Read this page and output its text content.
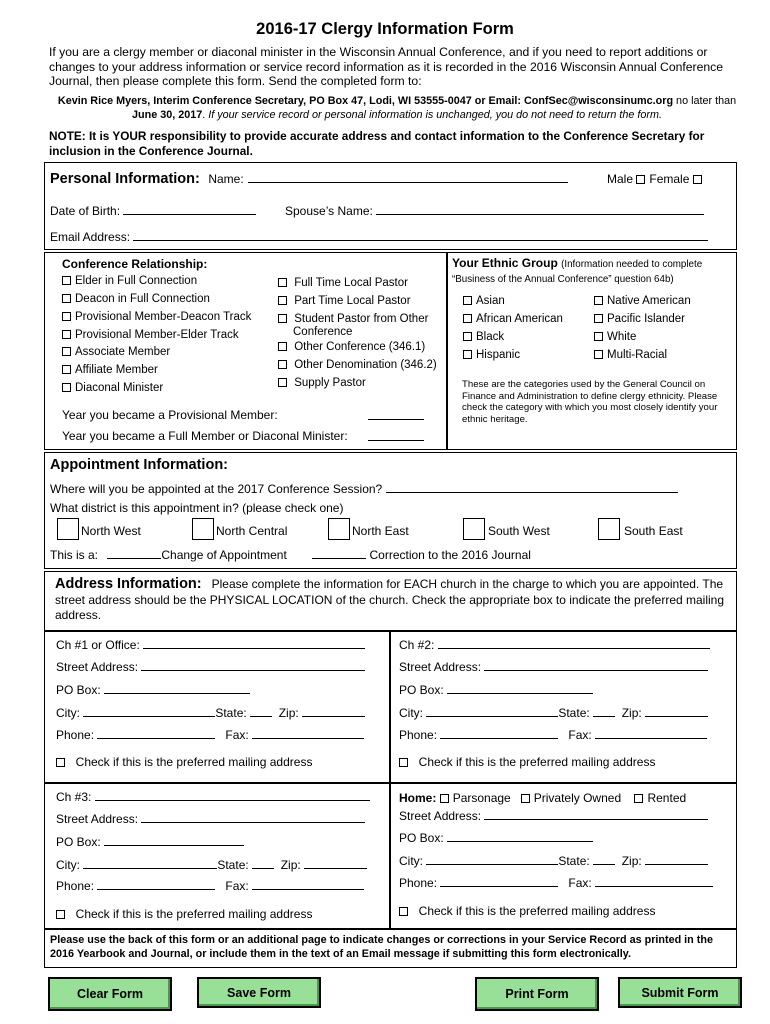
2016-17 Clergy Information Form
If you are a clergy member or diaconal minister in the Wisconsin Annual Conference, and if you need to report additions or changes to your address information or service record information as it is recorded in the 2016 Wisconsin Annual Conference Journal, then please complete this form. Send the completed form to:
Kevin Rice Myers, Interim Conference Secretary, PO Box 47, Lodi, WI 53555-0047 or Email: ConfSec@wisconsinumc.org no later than June 30, 2017. If your service record or personal information is unchanged, you do not need to return the form.
NOTE: It is YOUR responsibility to provide accurate address and contact information to the Conference Secretary for inclusion in the Conference Journal.
Personal Information: Name:	Male Female
Date of Birth:	Spouse’s Name:
Email Address:
Conference Relationship:
Elder in Full Connection
Deacon in Full Connection
Provisional Member-Deacon Track
Provisional Member-Elder Track
Associate Member
Affiliate Member
Diaconal Minister
Full Time Local Pastor
Part Time Local Pastor
Student Pastor from Other Conference
Other Conference (346.1)
Other Denomination (346.2)
Supply Pastor
Year you became a Provisional Member:
Year you became a Full Member or Diaconal Minister:
Your Ethnic Group (Information needed to complete “Business of the Annual Conference” question 64b)
Asian	Native American
African American	Pacific Islander
Black	White
Hispanic	Multi-Racial
These are the categories used by the General Council on Finance and Administration to define clergy ethnicity. Please check the category with which you most closely identify your ethnic heritage.
Appointment Information:
Where will you be appointed at the 2017 Conference Session?
What district is this appointment in? (please check one)
North West	North Central	North East	South West	South East
This is a:	Change of Appointment	Correction to the 2016 Journal
Address Information: Please complete the information for EACH church in the charge to which you are appointed. The street address should be the PHYSICAL LOCATION of the church. Check the appropriate box to indicate the preferred mailing address.
Ch #1 or Office:
Street Address:
PO Box:
City:	State:	Zip:
Phone:	Fax:
Check if this is the preferred mailing address
Ch #2:
Street Address:
PO Box:
City:	State:	Zip:
Phone:	Fax:
Check if this is the preferred mailing address
Ch #3:
Street Address:
PO Box:
City:	State:	Zip:
Phone:	Fax:
Check if this is the preferred mailing address
Home: Parsonage Privately Owned Rented
Street Address:
PO Box:
City:	State:	Zip:
Phone:	Fax:
Check if this is the preferred mailing address
Please use the back of this form or an additional page to indicate changes or corrections in your Service Record as printed in the 2016 Yearbook and Journal, or include them in the text of an Email message if submitting this form electronically.
Clear Form	Save Form	Print Form	Submit Form
